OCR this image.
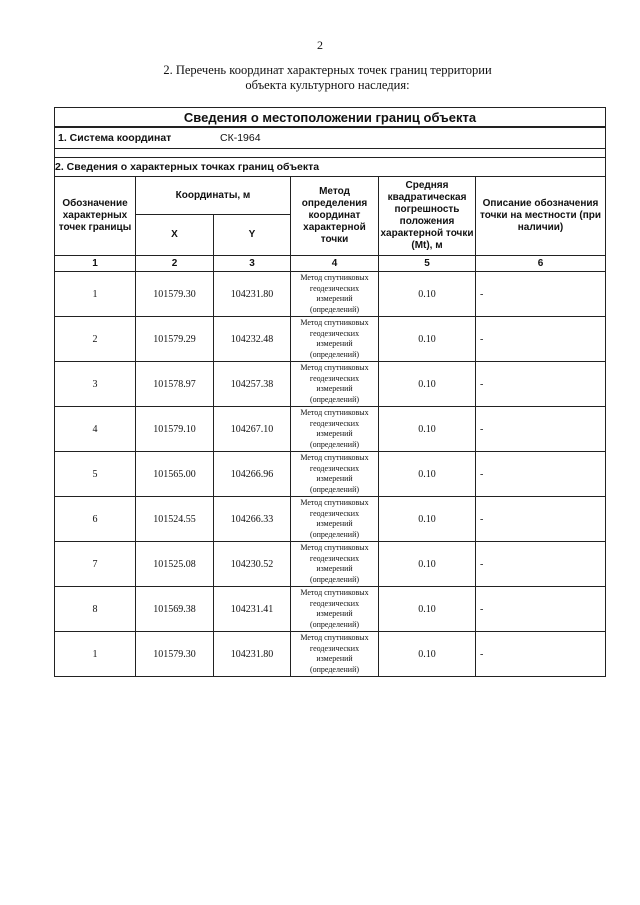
2
2. Перечень координат характерных точек границ территории
объекта культурного наследия:
Сведения о местоположении границ объекта					
1. Система координат СК-1964					

2. Сведения о характерных точках границ объекта					
Обозначение характерных точек границы	Координаты, м		Метод определения координат характерной точки	Средняя квадратическая погрешность положения характерной точки (Mt), м	Описание обозначения точки на местности (при наличии)
	X	Y			
1	2	3	4	5	6
1	101579.30	104231.80	Метод спутниковых геодезических измерений (определений)	0.10	-
2	101579.29	104232.48	Метод спутниковых геодезических измерений (определений)	0.10	-
3	101578.97	104257.38	Метод спутниковых геодезических измерений (определений)	0.10	-
4	101579.10	104267.10	Метод спутниковых геодезических измерений (определений)	0.10	-
5	101565.00	104266.96	Метод спутниковых геодезических измерений (определений)	0.10	-
6	101524.55	104266.33	Метод спутниковых геодезических измерений (определений)	0.10	-
7	101525.08	104230.52	Метод спутниковых геодезических измерений (определений)	0.10	-
8	101569.38	104231.41	Метод спутниковых геодезических измерений (определений)	0.10	-
1	101579.30	104231.80	Метод спутниковых геодезических измерений (определений)	0.10	-
